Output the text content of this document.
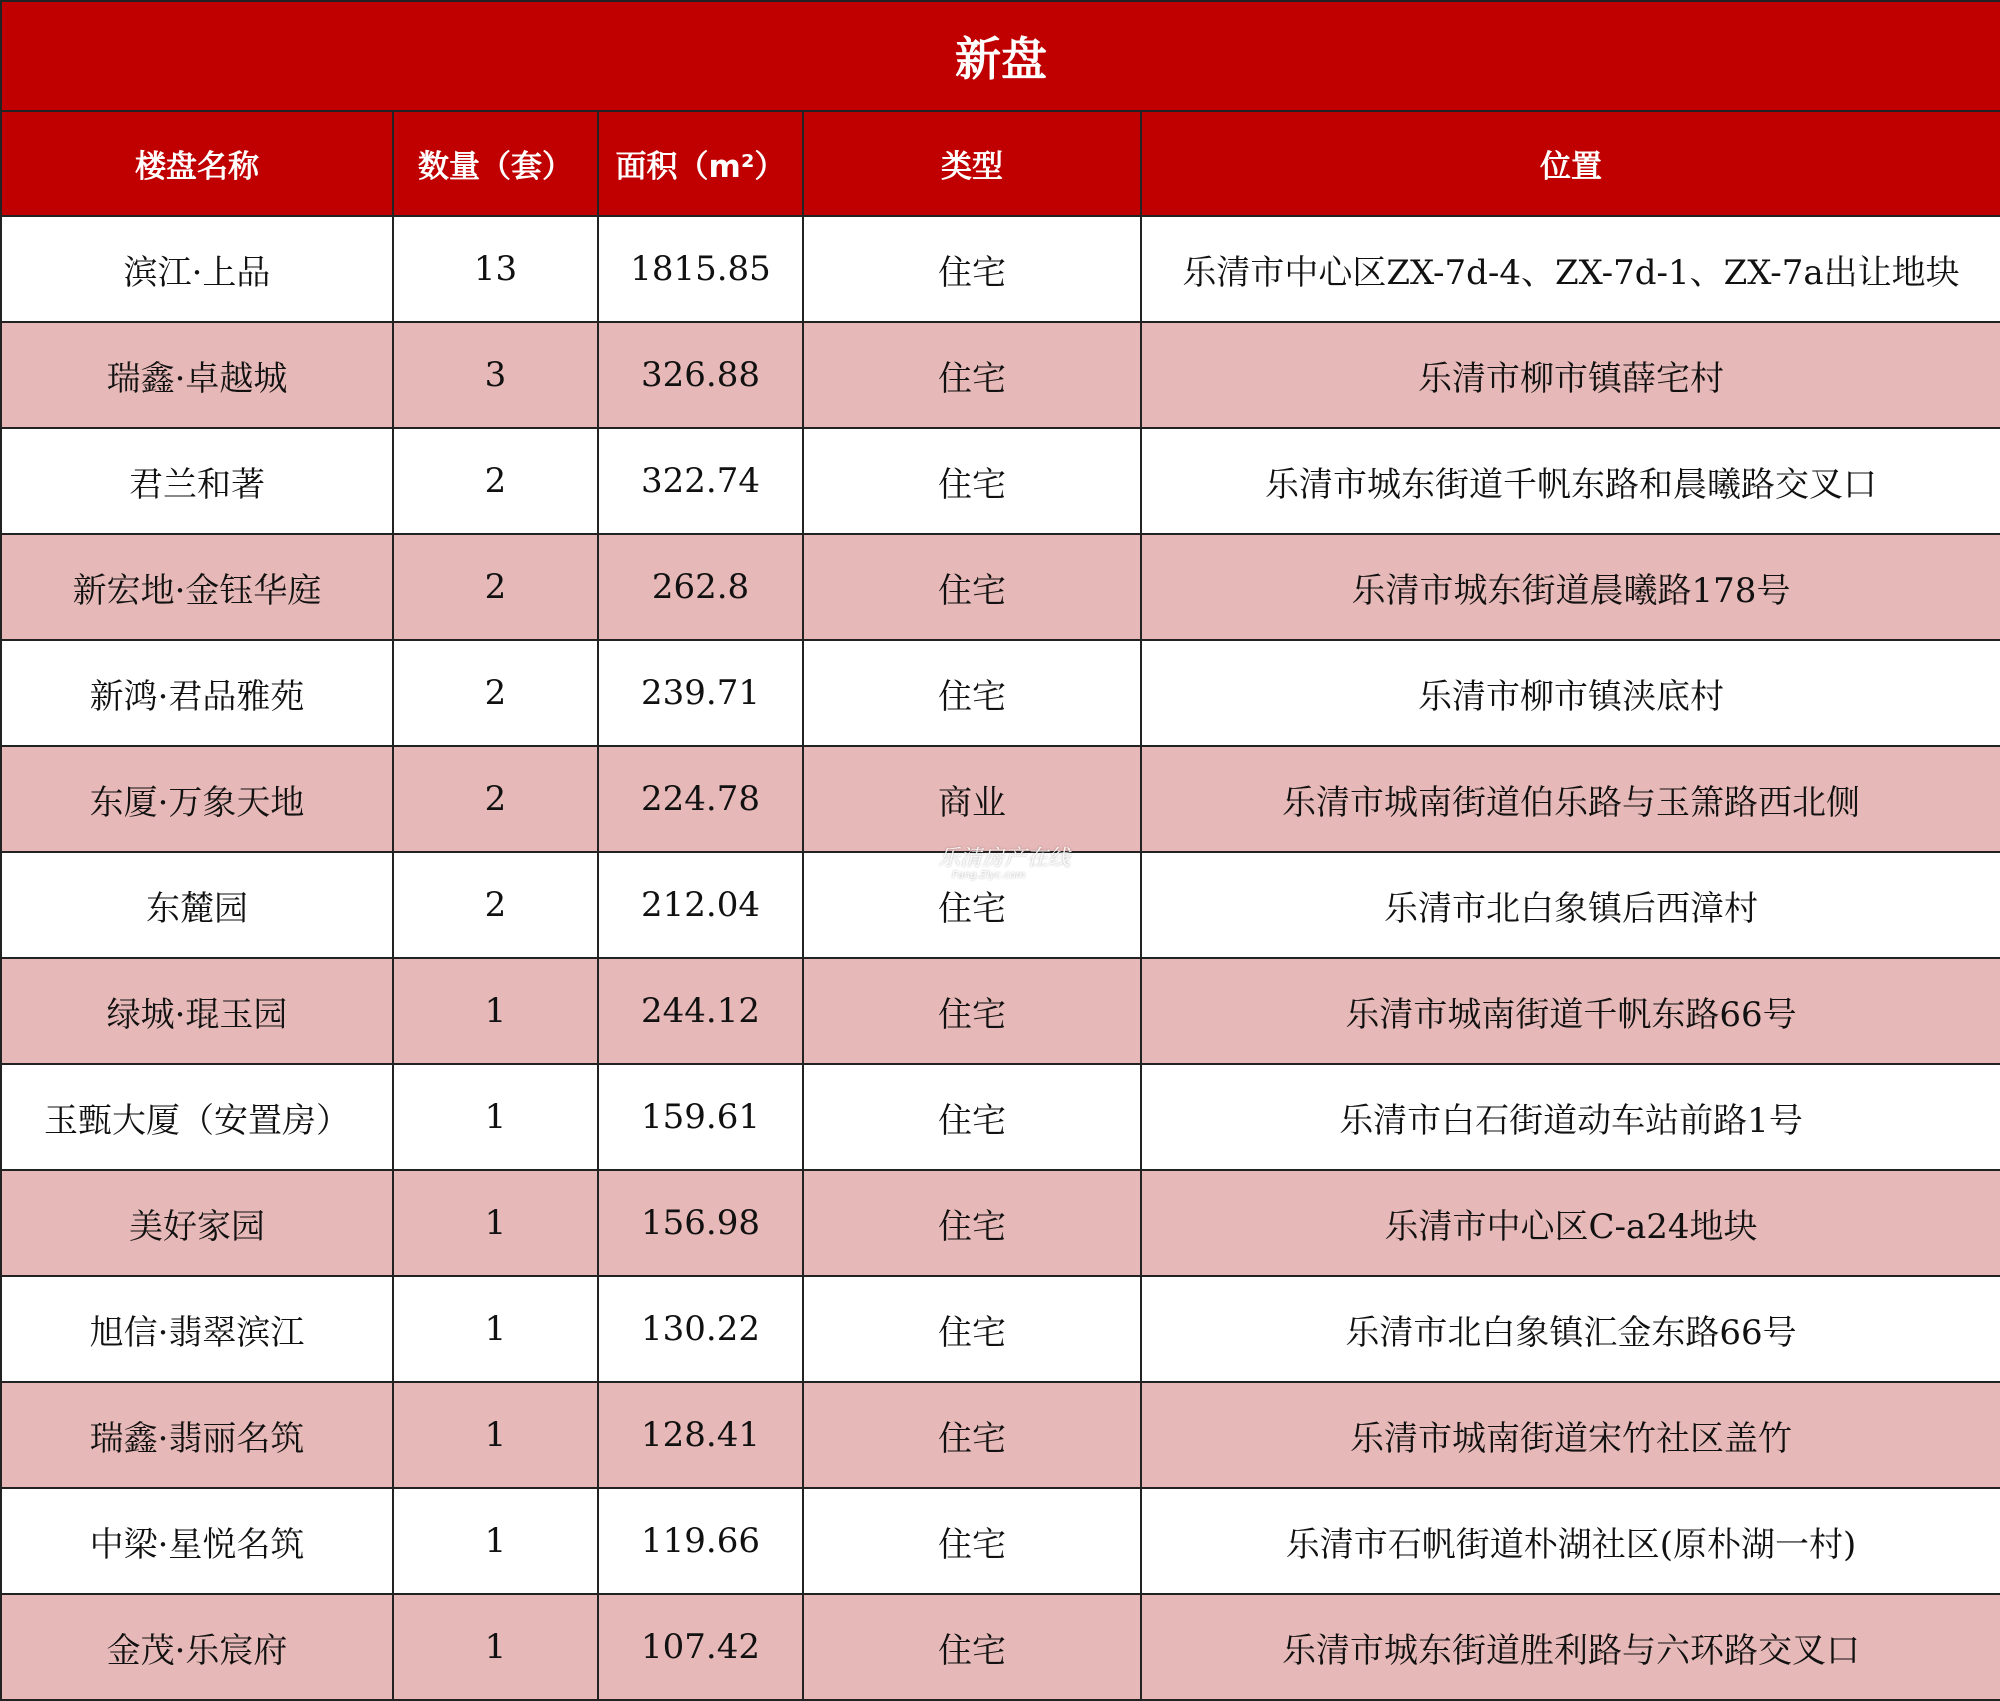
新盘				
楼盘名称	数量（套）	面积（m²）	类型	位置
滨江·上品	13	1815.85	住宅	乐清市中心区ZX-7d-4、ZX-7d-1、ZX-7a出让地块
瑞鑫·卓越城	3	326.88	住宅	乐清市柳市镇薛宅村
君兰和著	2	322.74	住宅	乐清市城东街道千帆东路和晨曦路交叉口
新宏地·金钰华庭	2	262.8	住宅	乐清市城东街道晨曦路178号
新鸿·君品雅苑	2	239.71	住宅	乐清市柳市镇浃底村
东厦·万象天地	2	224.78	商业	乐清市城南街道伯乐路与玉箫路西北侧
东麓园	2	212.04	住宅	乐清市北白象镇后西漳村
绿城·琨玉园	1	244.12	住宅	乐清市城南街道千帆东路66号
玉甄大厦（安置房）	1	159.61	住宅	乐清市白石街道动车站前路1号
美好家园	1	156.98	住宅	乐清市中心区C-a24地块
旭信·翡翠滨江	1	130.22	住宅	乐清市北白象镇汇金东路66号
瑞鑫·翡丽名筑	1	128.41	住宅	乐清市城南街道宋竹社区盖竹
中梁·星悦名筑	1	119.66	住宅	乐清市石帆街道朴湖社区(原朴湖一村)
金茂·乐宸府	1	107.42	住宅	乐清市城东街道胜利路与六环路交叉口
乐清房产在线
Fang.Zlyc.com
